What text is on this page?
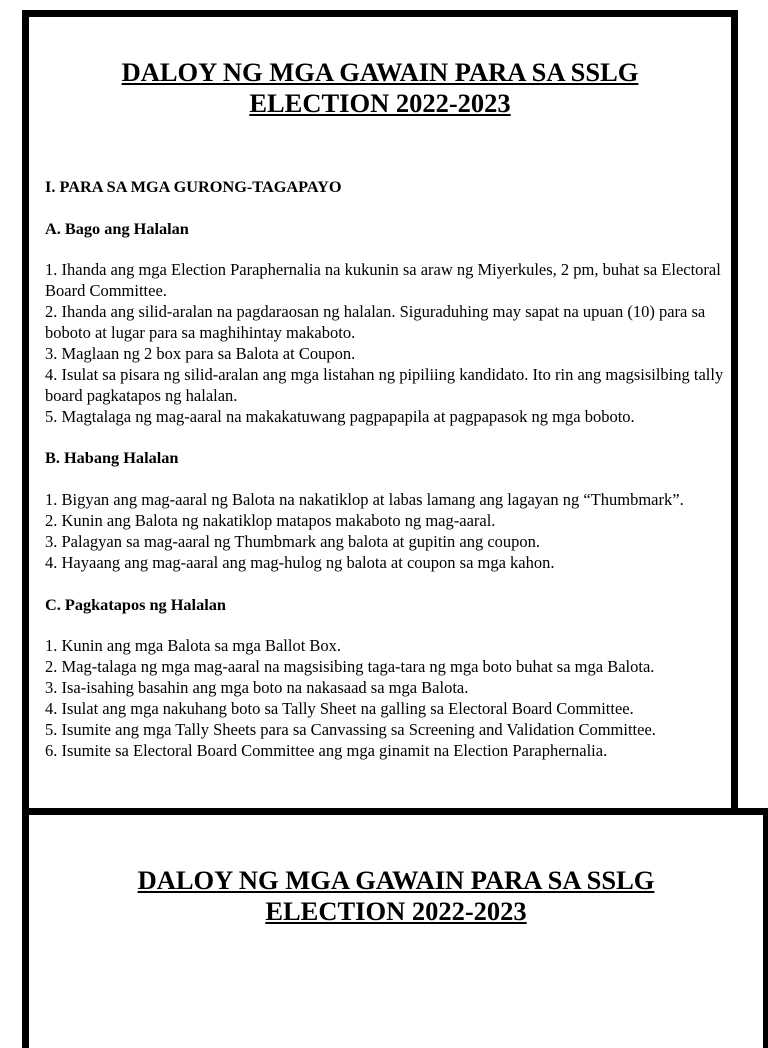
DALOY NG MGA GAWAIN PARA SA SSLG
ELECTION 2022-2023

I. PARA SA MGA GURONG-TAGAPAYO

A. Bago ang Halalan

1. Ihanda ang mga Election Paraphernalia na kukunin sa araw ng Miyerkules, 2 pm, buhat sa Electoral Board Committee.
2. Ihanda ang silid-aralan na pagdaraosan ng halalan. Siguraduhing may sapat na upuan (10) para sa boboto at lugar para sa maghihintay makaboto.
3. Maglaan ng 2 box para sa Balota at Coupon.
4. Isulat sa pisara ng silid-aralan ang mga listahan ng pipiliing kandidato. Ito rin ang magsisilbing tally board pagkatapos ng halalan.
5. Magtalaga ng mag-aaral na makakatuwang pagpapapila at pagpapasok ng mga boboto.

B. Habang Halalan

1. Bigyan ang mag-aaral ng Balota na nakatiklop at labas lamang ang lagayan ng “Thumbmark”.
2. Kunin ang Balota ng nakatiklop matapos makaboto ng mag-aaral.
3. Palagyan sa mag-aaral ng Thumbmark ang balota at gupitin ang coupon.
4. Hayaang ang mag-aaral ang mag-hulog ng balota at coupon sa mga kahon.

C. Pagkatapos ng Halalan

1. Kunin ang mga Balota sa mga Ballot Box.
2. Mag-talaga ng mga mag-aaral na magsisibing taga-tara ng mga boto buhat sa mga Balota.
3. Isa-isahing basahin ang mga boto na nakasaad sa mga Balota.
4. Isulat ang mga nakuhang boto sa Tally Sheet na galling sa Electoral Board Committee.
5. Isumite ang mga Tally Sheets para sa Canvassing sa Screening and Validation Committee.
6. Isumite sa Electoral Board Committee ang mga ginamit na Election Paraphernalia.
DALOY NG MGA GAWAIN PARA SA SSLG
ELECTION 2022-2023
